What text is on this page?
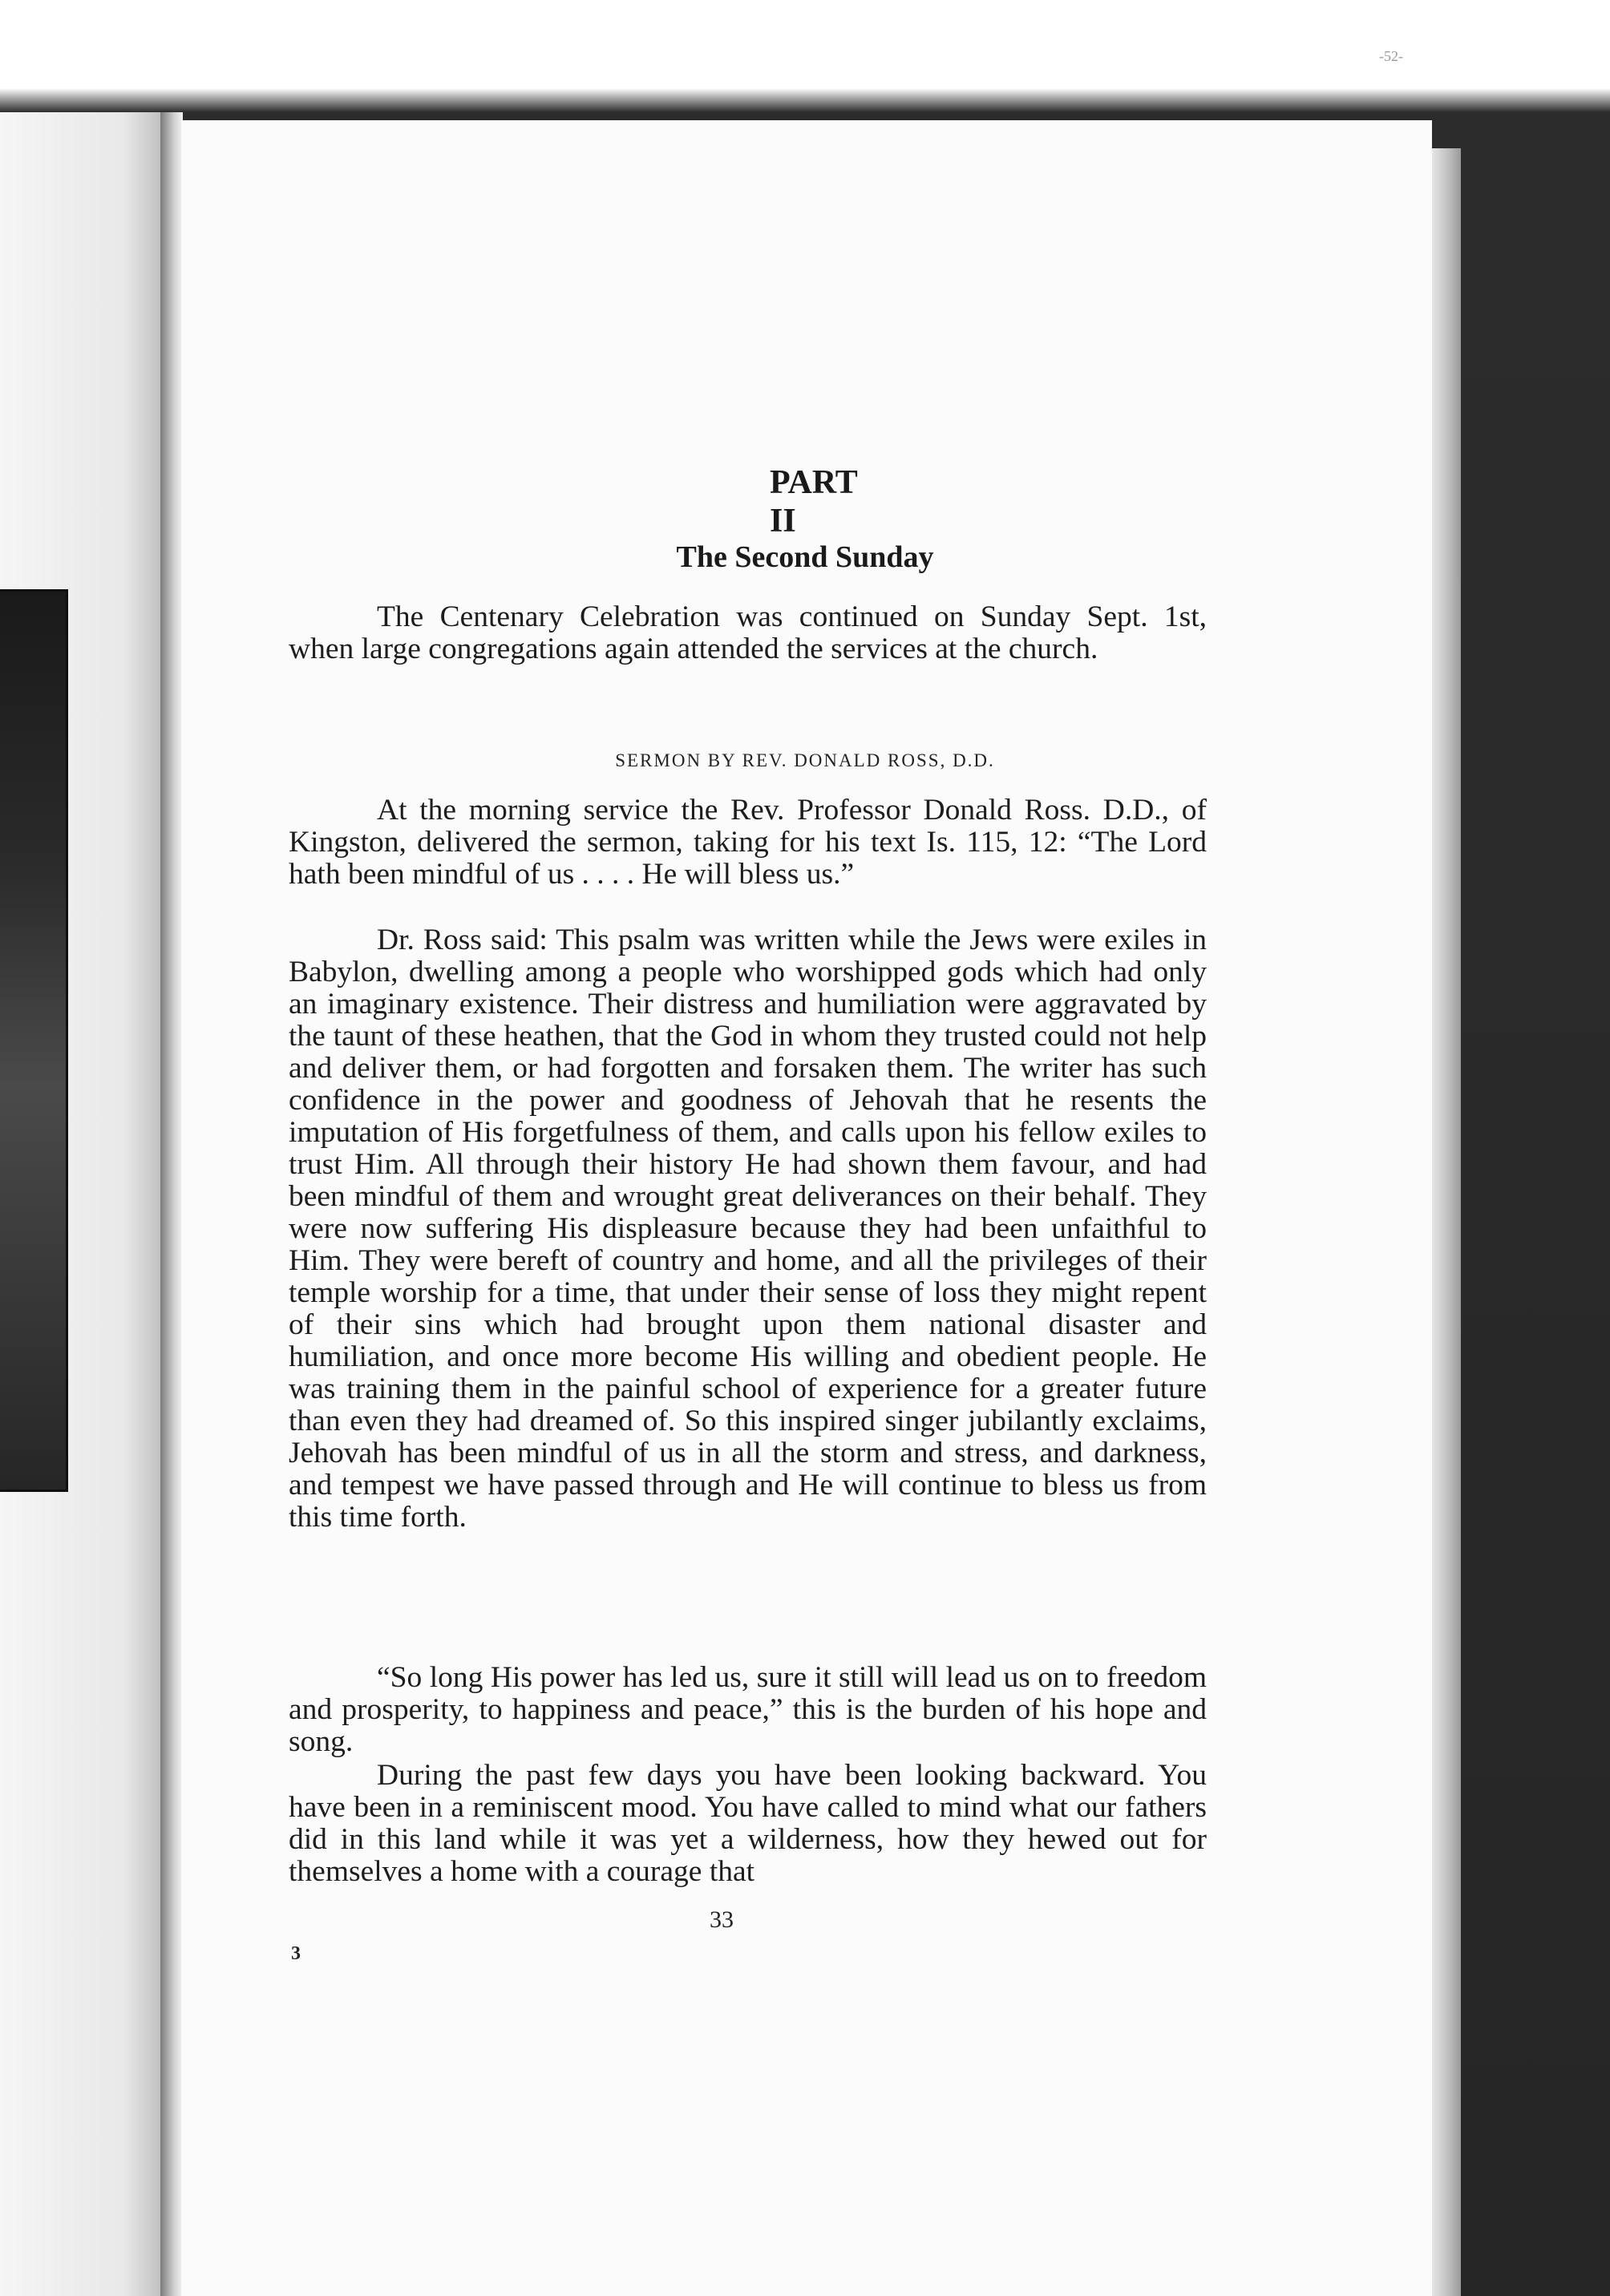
-52-
PART II
The Second Sunday

The Centenary Celebration was continued on Sunday Sept. 1st, when large congregations again attended the services at the church.

SERMON BY REV. DONALD ROSS, D.D.

At the morning service the Rev. Professor Donald Ross. D.D., of Kingston, delivered the sermon, taking for his text Is. 115, 12: “The Lord hath been mindful of us . . . . He will bless us.”

Dr. Ross said: This psalm was written while the Jews were exiles in Babylon, dwelling among a people who worshipped gods which had only an imaginary existence. Their distress and humiliation were aggravated by the taunt of these heathen, that the God in whom they trusted could not help and deliver them, or had forgotten and forsaken them. The writer has such confidence in the power and goodness of Jehovah that he resents the imputation of His forgetfulness of them, and calls upon his fellow exiles to trust Him. All through their history He had shown them favour, and had been mindful of them and wrought great deliverances on their behalf. They were now suffering His displeasure because they had been unfaithful to Him. They were bereft of country and home, and all the privileges of their temple worship for a time, that under their sense of loss they might repent of their sins which had brought upon them national disaster and humiliation, and once more become His willing and obedient people. He was training them in the painful school of experience for a greater future than even they had dreamed of. So this inspired singer jubilantly exclaims, Jehovah has been mindful of us in all the storm and stress, and darkness, and tempest we have passed through and He will continue to bless us from this time forth.

“So long His power has led us, sure it still will lead us on to freedom and prosperity, to happiness and peace,” this is the burden of his hope and song.

During the past few days you have been looking backward. You have been in a reminiscent mood. You have called to mind what our fathers did in this land while it was yet a wilderness, how they hewed out for themselves a home with a courage that

33
3
